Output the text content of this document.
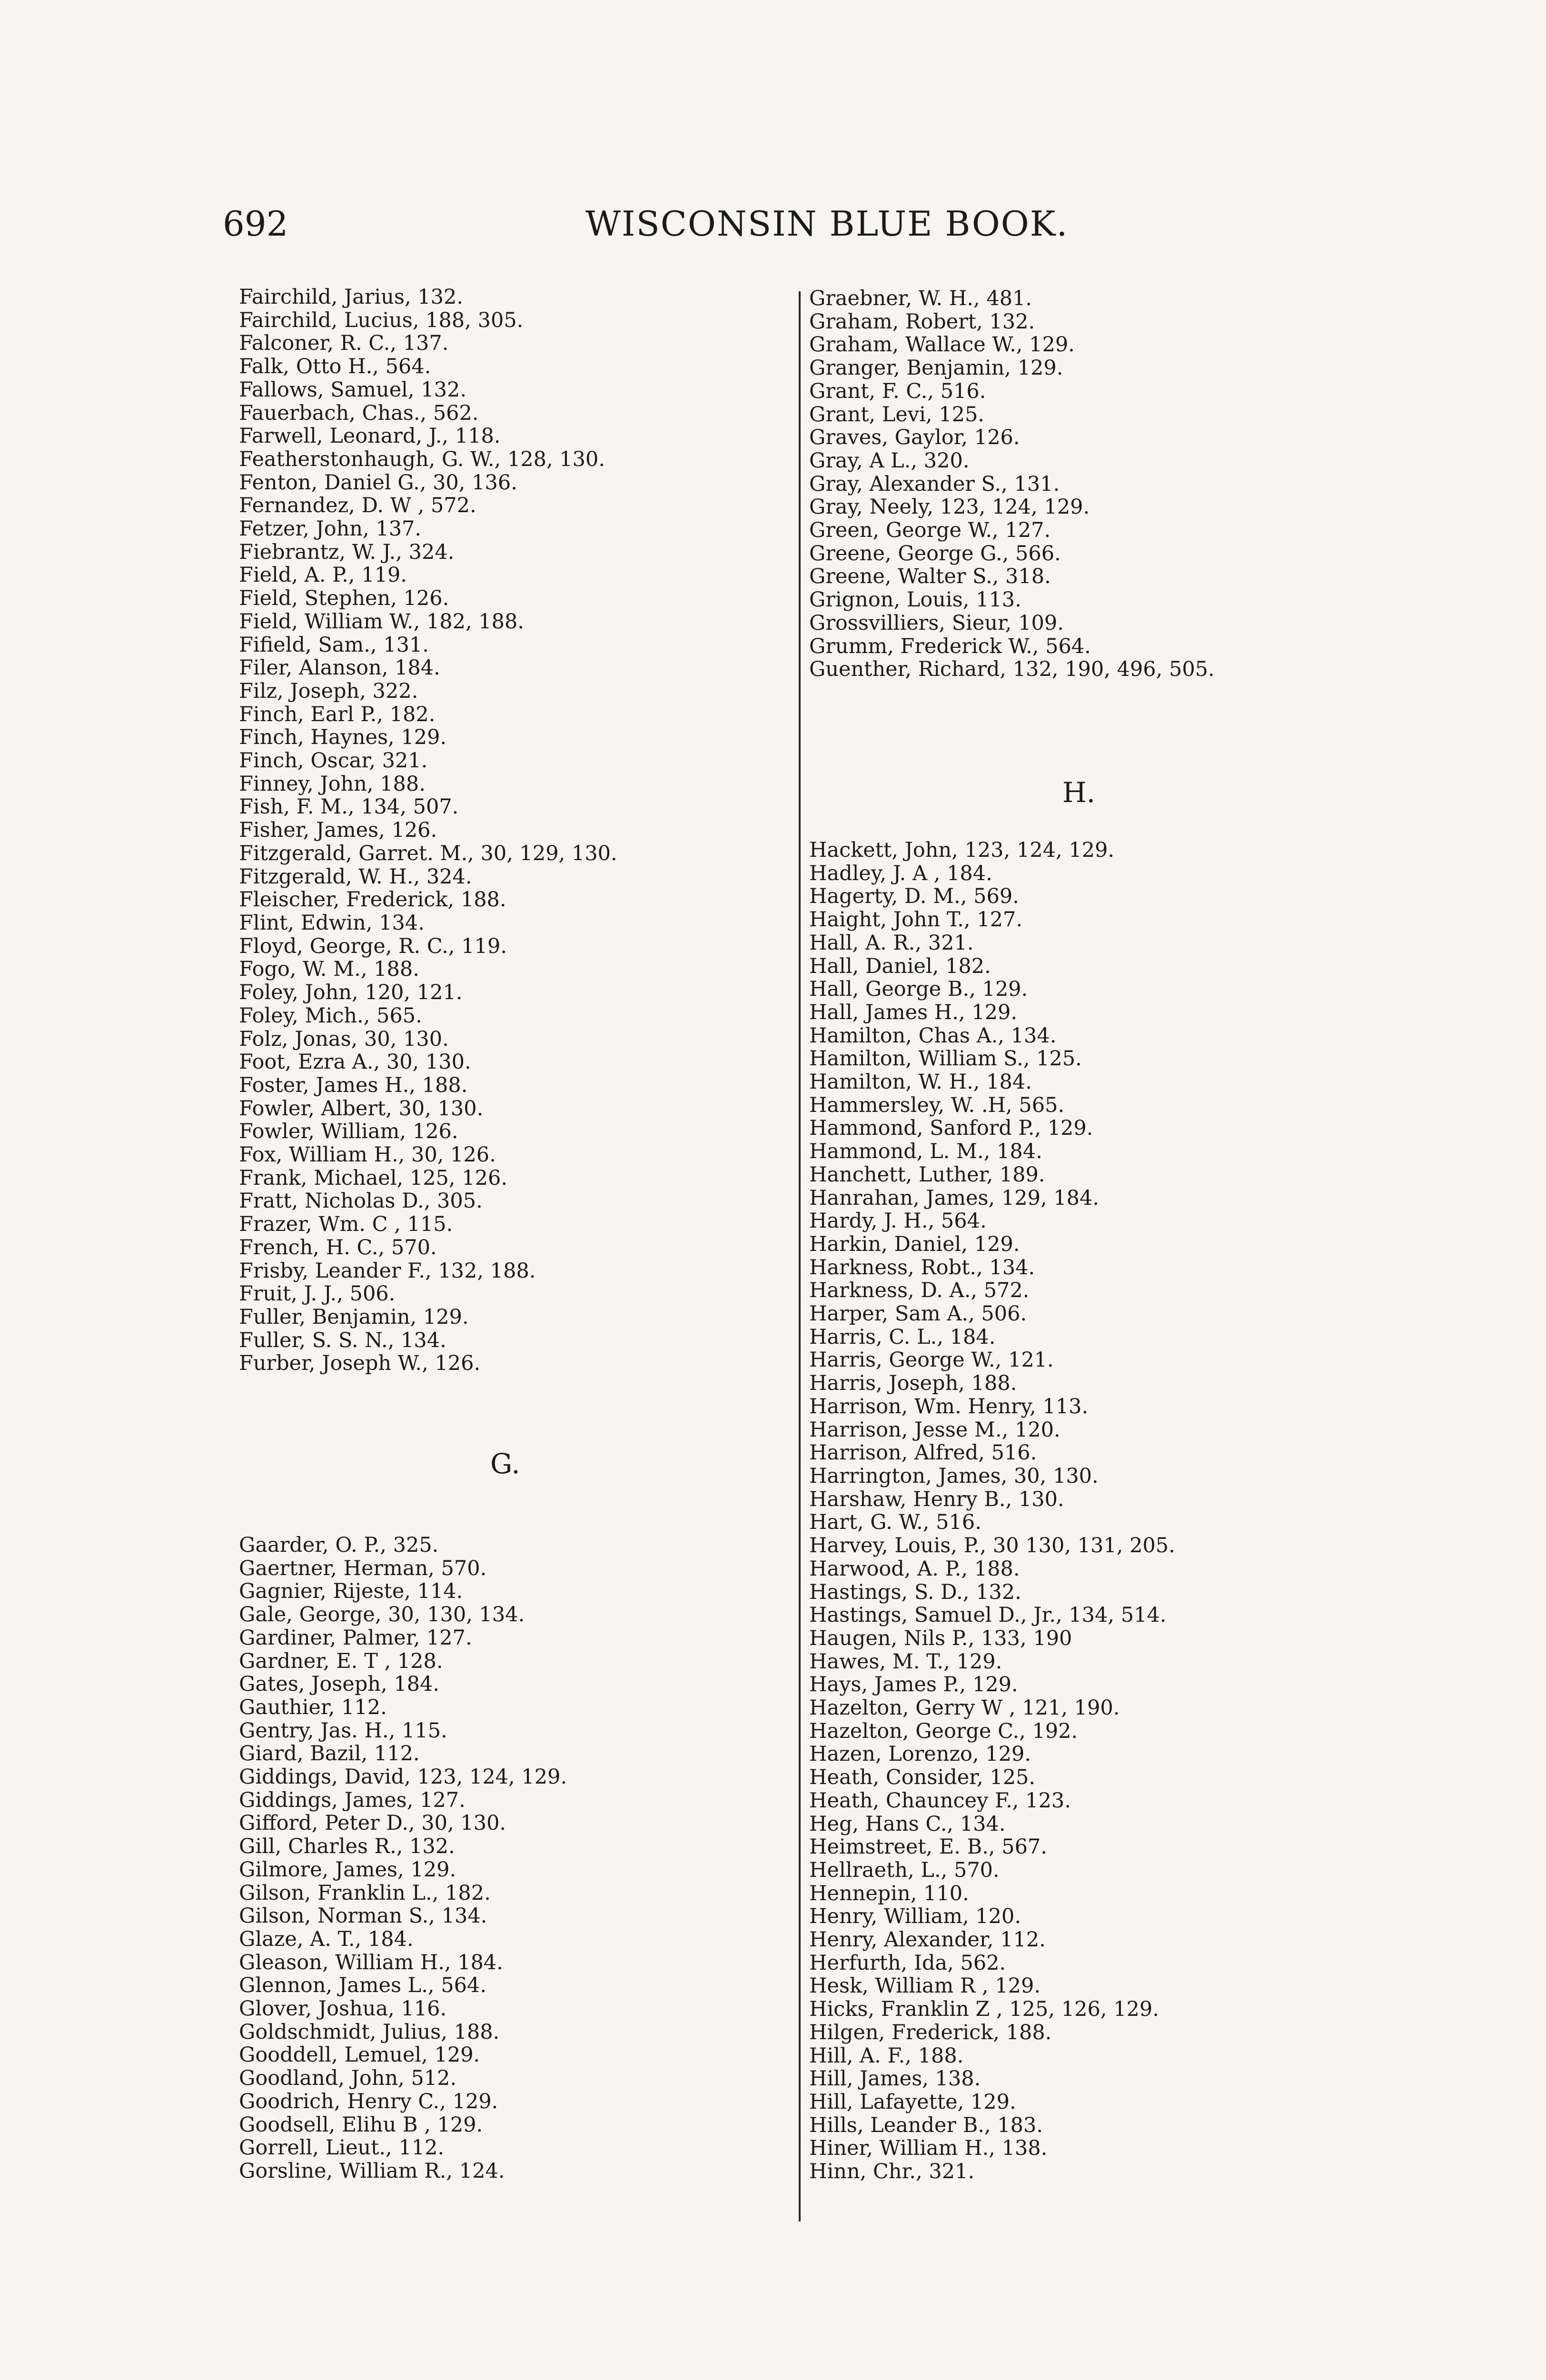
692	WISCONSIN BLUE BOOK.
Fairchild, Jarius, 132.
Fairchild, Lucius, 188, 305.
Falconer, R. C., 137.
Falk, Otto H., 564.
Fallows, Samuel, 132.
Fauerbach, Chas., 562.
Farwell, Leonard, J., 118.
Featherstonhaugh, G. W., 128, 130.
Fenton, Daniel G., 30, 136.
Fernandez, D. W , 572.
Fetzer, John, 137.
Fiebrantz, W. J., 324.
Field, A. P., 119.
Field, Stephen, 126.
Field, William W., 182, 188.
Fifield, Sam., 131.
Filer, Alanson, 184.
Filz, Joseph, 322.
Finch, Earl P., 182.
Finch, Haynes, 129.
Finch, Oscar, 321.
Finney, John, 188.
Fish, F. M., 134, 507.
Fisher, James, 126.
Fitzgerald, Garret. M., 30, 129, 130.
Fitzgerald, W. H., 324.
Fleischer, Frederick, 188.
Flint, Edwin, 134.
Floyd, George, R. C., 119.
Fogo, W. M., 188.
Foley, John, 120, 121.
Foley, Mich., 565.
Folz, Jonas, 30, 130.
Foot, Ezra A., 30, 130.
Foster, James H., 188.
Fowler, Albert, 30, 130.
Fowler, William, 126.
Fox, William H., 30, 126.
Frank, Michael, 125, 126.
Fratt, Nicholas D., 305.
Frazer, Wm. C , 115.
French, H. C., 570.
Frisby, Leander F., 132, 188.
Fruit, J. J., 506.
Fuller, Benjamin, 129.
Fuller, S. S. N., 134.
Furber, Joseph W., 126.
G.
Gaarder, O. P., 325.
Gaertner, Herman, 570.
Gagnier, Rijeste, 114.
Gale, George, 30, 130, 134.
Gardiner, Palmer, 127.
Gardner, E. T , 128.
Gates, Joseph, 184.
Gauthier, 112.
Gentry, Jas. H., 115.
Giard, Bazil, 112.
Giddings, David, 123, 124, 129.
Giddings, James, 127.
Gifford, Peter D., 30, 130.
Gill, Charles R., 132.
Gilmore, James, 129.
Gilson, Franklin L., 182.
Gilson, Norman S., 134.
Glaze, A. T., 184.
Gleason, William H., 184.
Glennon, James L., 564.
Glover, Joshua, 116.
Goldschmidt, Julius, 188.
Gooddell, Lemuel, 129.
Goodland, John, 512.
Goodrich, Henry C., 129.
Goodsell, Elihu B , 129.
Gorrell, Lieut., 112.
Gorsline, William R., 124.
Graebner, W. H., 481.
Graham, Robert, 132.
Graham, Wallace W., 129.
Granger, Benjamin, 129.
Grant, F. C., 516.
Grant, Levi, 125.
Graves, Gaylor, 126.
Gray, A L., 320.
Gray, Alexander S., 131.
Gray, Neely, 123, 124, 129.
Green, George W., 127.
Greene, George G., 566.
Greene, Walter S., 318.
Grignon, Louis, 113.
Grossvilliers, Sieur, 109.
Grumm, Frederick W., 564.
Guenther, Richard, 132, 190, 496, 505.
H.
Hackett, John, 123, 124, 129.
Hadley, J. A , 184.
Hagerty, D. M., 569.
Haight, John T., 127.
Hall, A. R., 321.
Hall, Daniel, 182.
Hall, George B., 129.
Hall, James H., 129.
Hamilton, Chas A., 134.
Hamilton, William S., 125.
Hamilton, W. H., 184.
Hammersley, W. .H, 565.
Hammond, Sanford P., 129.
Hammond, L. M., 184.
Hanchett, Luther, 189.
Hanrahan, James, 129, 184.
Hardy, J. H., 564.
Harkin, Daniel, 129.
Harkness, Robt., 134.
Harkness, D. A., 572.
Harper, Sam A., 506.
Harris, C. L., 184.
Harris, George W., 121.
Harris, Joseph, 188.
Harrison, Wm. Henry, 113.
Harrison, Jesse M., 120.
Harrison, Alfred, 516.
Harrington, James, 30, 130.
Harshaw, Henry B., 130.
Hart, G. W., 516.
Harvey, Louis, P., 30 130, 131, 205.
Harwood, A. P., 188.
Hastings, S. D., 132.
Hastings, Samuel D., Jr., 134, 514.
Haugen, Nils P., 133, 190
Hawes, M. T., 129.
Hays, James P., 129.
Hazelton, Gerry W , 121, 190.
Hazelton, George C., 192.
Hazen, Lorenzo, 129.
Heath, Consider, 125.
Heath, Chauncey F., 123.
Heg, Hans C., 134.
Heimstreet, E. B., 567.
Hellraeth, L., 570.
Hennepin, 110.
Henry, William, 120.
Henry, Alexander, 112.
Herfurth, Ida, 562.
Hesk, William R , 129.
Hicks, Franklin Z , 125, 126, 129.
Hilgen, Frederick, 188.
Hill, A. F., 188.
Hill, James, 138.
Hill, Lafayette, 129.
Hills, Leander B., 183.
Hiner, William H., 138.
Hinn, Chr., 321.
